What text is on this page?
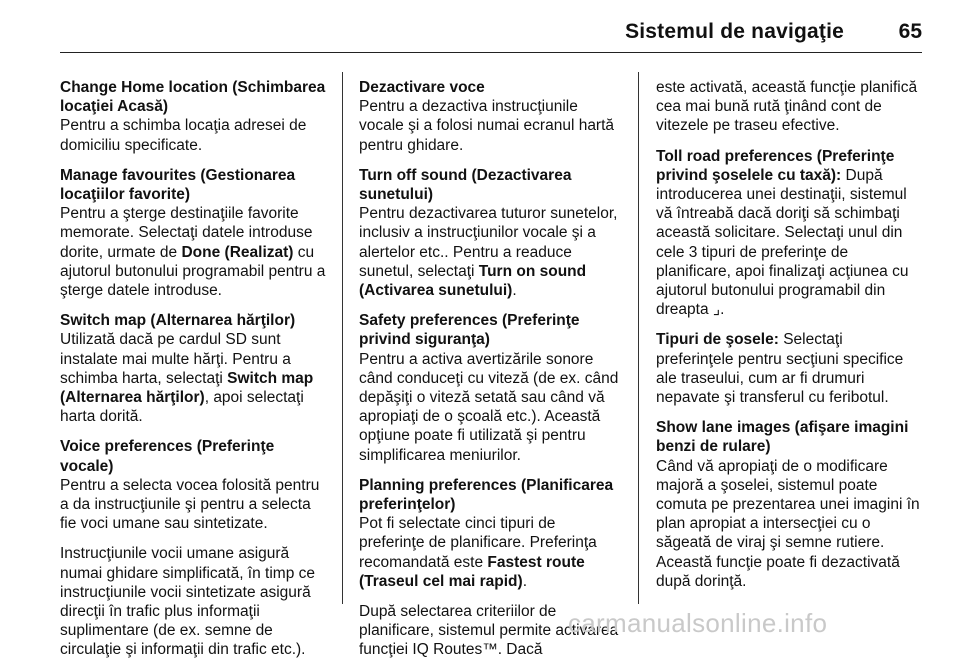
Sistemul de navigaţie	65
Change Home location (Schimbarea locaţiei Acasă)
Pentru a schimba locaţia adresei de domiciliu specificate.
Manage favourites (Gestionarea locaţiilor favorite)
Pentru a şterge destinaţiile favorite memorate. Selectaţi datele introduse dorite, urmate de Done (Realizat) cu ajutorul butonului programabil pentru a şterge datele introduse.
Switch map (Alternarea hărţilor)
Utilizată dacă pe cardul SD sunt instalate mai multe hărţi. Pentru a schimba harta, selectaţi Switch map (Alternarea hărţilor), apoi selectaţi harta dorită.
Voice preferences (Preferinţe vocale)
Pentru a selecta vocea folosită pentru a da instrucţiunile şi pentru a selecta fie voci umane sau sintetizate.

Instrucţiunile vocii umane asigură numai ghidare simplificată, în timp ce instrucţiunile vocii sintetizate asigură direcţii în trafic plus informaţii suplimentare (de ex. semne de circulaţie şi informaţii din trafic etc.).

Dezactivare voce
Pentru a dezactiva instrucţiunile vocale şi a folosi numai ecranul hartă pentru ghidare.
Turn off sound (Dezactivarea sunetului)
Pentru dezactivarea tuturor sunetelor, inclusiv a instrucţiunilor vocale şi a alertelor etc.. Pentru a readuce sunetul, selectaţi Turn on sound (Activarea sunetului).
Safety preferences (Preferinţe privind siguranţa)
Pentru a activa avertizările sonore când conduceţi cu viteză (de ex. când depăşiţi o viteză setată sau când vă apropiaţi de o şcoală etc.). Această opţiune poate fi utilizată şi pentru simplificarea meniurilor.
Planning preferences (Planificarea preferinţelor)
Pot fi selectate cinci tipuri de preferinţe de planificare. Preferinţa recomandată este Fastest route (Traseul cel mai rapid).

După selectarea criteriilor de planificare, sistemul permite activarea funcţiei IQ Routes™. Dacă

este activată, această funcţie planifică cea mai bună rută ţinând cont de vitezele pe traseu efective.

Toll road preferences (Preferinţe privind şoselele cu taxă): După introducerea unei destinaţii, sistemul vă întreabă dacă doriţi să schimbaţi această solicitare. Selectaţi unul din cele 3 tipuri de preferinţe de planificare, apoi finalizaţi acţiunea cu ajutorul butonului programabil din dreapta ⌟.

Tipuri de şosele: Selectaţi preferinţele pentru secţiuni specifice ale traseului, cum ar fi drumuri nepavate şi transferul cu feribotul.

Show lane images (afişare imagini benzi de rulare)
Când vă apropiaţi de o modificare majoră a şoselei, sistemul poate comuta pe prezentarea unei imagini în plan apropiat a intersecţiei cu o săgeată de viraj şi semne rutiere. Această funcţie poate fi dezactivată după dorinţă.
carmanualsonline.info
